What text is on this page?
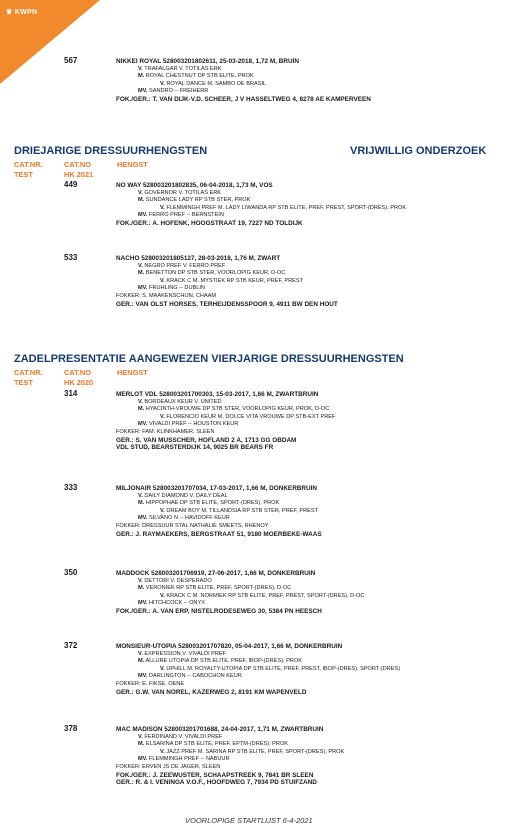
♛ KWPN
567	NIKKEI ROYAL 528003201802611, 25-03-2018, 1,72 M, BRUIN
V. TRAFALGAR V. TOTILAS ERK
M. ROYAL CHESTNUT DP STB ELITE, PROK
V. ROYAL DANCE M. SAMBO DE BRASIL
MV. SANDRO -- FREIHERR
FOK./GER.: T. VAN DIJK-V.D. SCHEER, J V HASSELTWEG 4, 8278 AE KAMPERVEEN
DRIEJARIGE DRESSUURHENGSTEN	VRIJWILLIG ONDERZOEK
CAT.NR.	CAT.NO	HENGST
TEST	HK 2021
449	NO WAY 528003201802835, 06-04-2018, 1,73 M, VOS
V. GOVERNOR V. TOTILAS ERK
M. SUNDANCE LADY RP STB STER, PROK
V. FLEMMINGH PREF M. LADY LIWANDA RP STB ELITE, PREF, PREST, SPORT-(DRES), PROK
MV. FERRO PREF -- BERNSTEIN
FOK./GER.: A. HOFENK, HOOGSTRAAT 19, 7227 ND TOLDIJK
533	NACHO 528003201805127, 28-03-2018, 1,76 M, ZWART
V. NEGRO PREF V. FERRO PREF
M. BENETTON DP STB STER, VOORLOPIG KEUR, D-OC
V. KRACK C M. MYSTIEK RP STB KEUR, PREF, PREST
MV. FRUHLING -- DUBLIN
FOKKER: S. MAAKENSCHIJN, CHAAM
GER.: VAN OLST HORSES, TERHEIJDENSSPOOR 9, 4911 BW DEN HOUT
ZADELPRESENTATIE AANGEWEZEN VIERJARIGE DRESSUURHENGSTEN
CAT.NR.	CAT.NO	HENGST
TEST	HK 2020
314	MERLOT VDL 528003201700303, 15-03-2017, 1,66 M, ZWARTBRUIN
V. BORDEAUX KEUR V. UNITED
M. HYACINTH-VROUWE DP STB STER, VOORLOPIG KEUR, PROK, D-OC
V. FLORENCIO KEUR M. DOLCE VITA VROUWE DP STB-EXT PREF
MV. VIVALDI PREF -- HOUSTON KEUR
FOKKER: FAM. KLINKHAMER, SLEEN
GER.: S. VAN MUSSCHER, HOFLAND 2 A, 1713 GG OBDAM
VDL STUD, BEARSTERDIJK 14, 9025 BR BEARS FR
333	MILJONAIR 528003201707034, 17-03-2017, 1,66 M, DONKERBRUIN
V. DAILY DIAMOND V. DAILY DEAL
M. HIPPOPHAE DP STB ELITE, SPORT-(DRES), PROK
V. DREAM BOY M. TILLANDSIA RP STB STER, PREF, PREST
MV. SILVANO N -- HAVIDOFF KEUR
FOKKER: DRESSUUR STAL NATHALIE SMEETS, RHENOY
GER.: J. RAYMAEKERS, BERGSTRAAT 51, 9180 MOERBEKE-WAAS
350	MADDOCK 528003201706919, 27-06-2017, 1,66 M, DONKERBRUIN
V. DETTORI V. DESPERADO
M. VERONIEK RP STB ELITE, PREF, SPORT-(DRES), D-OC
V. KRACK C M. NORMIEK RP STB ELITE, PREF, PREST, SPORT-(DRES), D-OC
MV. HITCHCOCK -- ONYX
FOK./GER.: A. VAN ERP, NISTELRODESEWEG 30, 5384 PN HEESCH
372	MONSIEUR-UTOPIA 528003201707820, 05-04-2017, 1,66 M, DONKERBRUIN
V. EXPRESSION V. VIVALDI PREF
M. ALLURE UTOPIA DP STB ELITE, PREF, IBOP-(DRES), PROK
V. UPHILL M. ROYALTY-UTOPIA DP STB ELITE, PREF, PREST, IBOP-(DRES), SPORT-(DRES)
MV. DARLINGTON -- CABOCHON KEUR
FOKKER: E. FIKSE, OENE
GER.: G.W. VAN NOREL, KAZERWEG 2, 8191 KM WAPENVELD
378	MAC MADISON 528003201701688, 24-04-2017, 1,71 M, ZWARTBRUIN
V. FERDINAND V. VIVALDI PREF
M. ELSARINA DP STB ELITE, PREF, EPTM-(DRES), PROK
V. JAZZ PREF M. SARINA RP STB ELITE, PREF, SPORT-(DRES), PROK
MV. FLEMMINGH PREF -- NABUUR
FOKKER: ERVEN JS DE JAGER, SLEEN
FOK./GER.: J. ZEEWUSTER, SCHAAPSTREEK 9, 7841 BR SLEEN
GER.: R. & I. VENINGA V.O.F., HOOFDWEG 7, 7934 PD STUIFZAND
VOORLOPIGE STARTLIJST 6-4-2021
